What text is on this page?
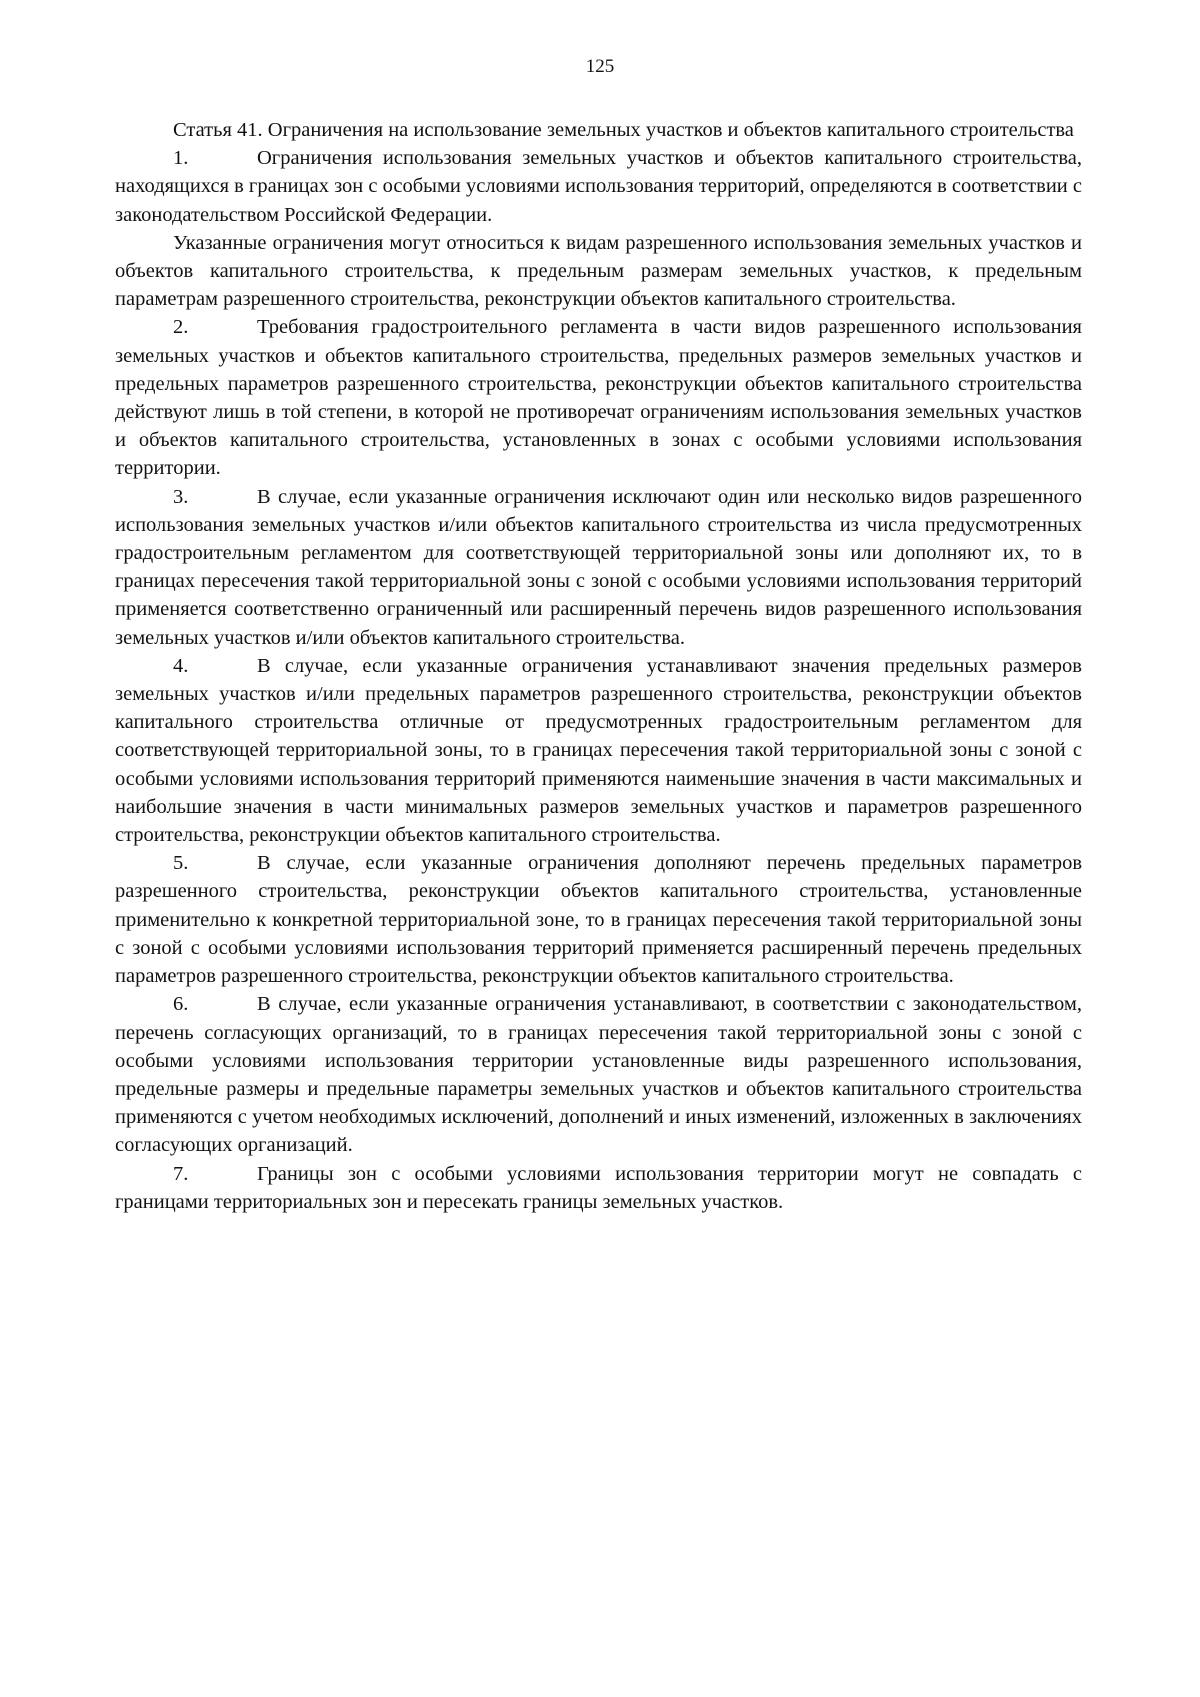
125

Статья 41. Ограничения на использование земельных участков и объектов капитального строительства

1.	Ограничения использования земельных участков и объектов капитального строительства, находящихся в границах зон с особыми условиями использования территорий, определяются в соответствии с законодательством Российской Федерации.

Указанные ограничения могут относиться к видам разрешенного использования земельных участков и объектов капитального строительства, к предельным размерам земельных участков, к предельным параметрам разрешенного строительства, реконструкции объектов капитального строительства.

2.	Требования градостроительного регламента в части видов разрешенного использования земельных участков и объектов капитального строительства, предельных размеров земельных участков и предельных параметров разрешенного строительства, реконструкции объектов капитального строительства действуют лишь в той степени, в которой не противоречат ограничениям использования земельных участков и объектов капитального строительства, установленных в зонах с особыми условиями использования территории.

3.	В случае, если указанные ограничения исключают один или несколько видов разрешенного использования земельных участков и/или объектов капитального строительства из числа предусмотренных градостроительным регламентом для соответствующей территориальной зоны или дополняют их, то в границах пересечения такой территориальной зоны с зоной с особыми условиями использования территорий применяется соответственно ограниченный или расширенный перечень видов разрешенного использования земельных участков и/или объектов капитального строительства.

4.	В случае, если указанные ограничения устанавливают значения предельных размеров земельных участков и/или предельных параметров разрешенного строительства, реконструкции объектов капитального строительства отличные от предусмотренных градостроительным регламентом для соответствующей территориальной зоны, то в границах пересечения такой территориальной зоны с зоной с особыми условиями использования территорий применяются наименьшие значения в части максимальных и наибольшие значения в части минимальных размеров земельных участков и параметров разрешенного строительства, реконструкции объектов капитального строительства.

5.	В случае, если указанные ограничения дополняют перечень предельных параметров разрешенного строительства, реконструкции объектов капитального строительства, установленные применительно к конкретной территориальной зоне, то в границах пересечения такой территориальной зоны с зоной с особыми условиями использования территорий применяется расширенный перечень предельных параметров разрешенного строительства, реконструкции объектов капитального строительства.

6.	В случае, если указанные ограничения устанавливают, в соответствии с законодательством, перечень согласующих организаций, то в границах пересечения такой территориальной зоны с зоной с особыми условиями использования территории установленные виды разрешенного использования, предельные размеры и предельные параметры земельных участков и объектов капитального строительства применяются с учетом необходимых исключений, дополнений и иных изменений, изложенных в заключениях согласующих организаций.

7.	Границы зон с особыми условиями использования территории могут не совпадать с границами территориальных зон и пересекать границы земельных участков.
